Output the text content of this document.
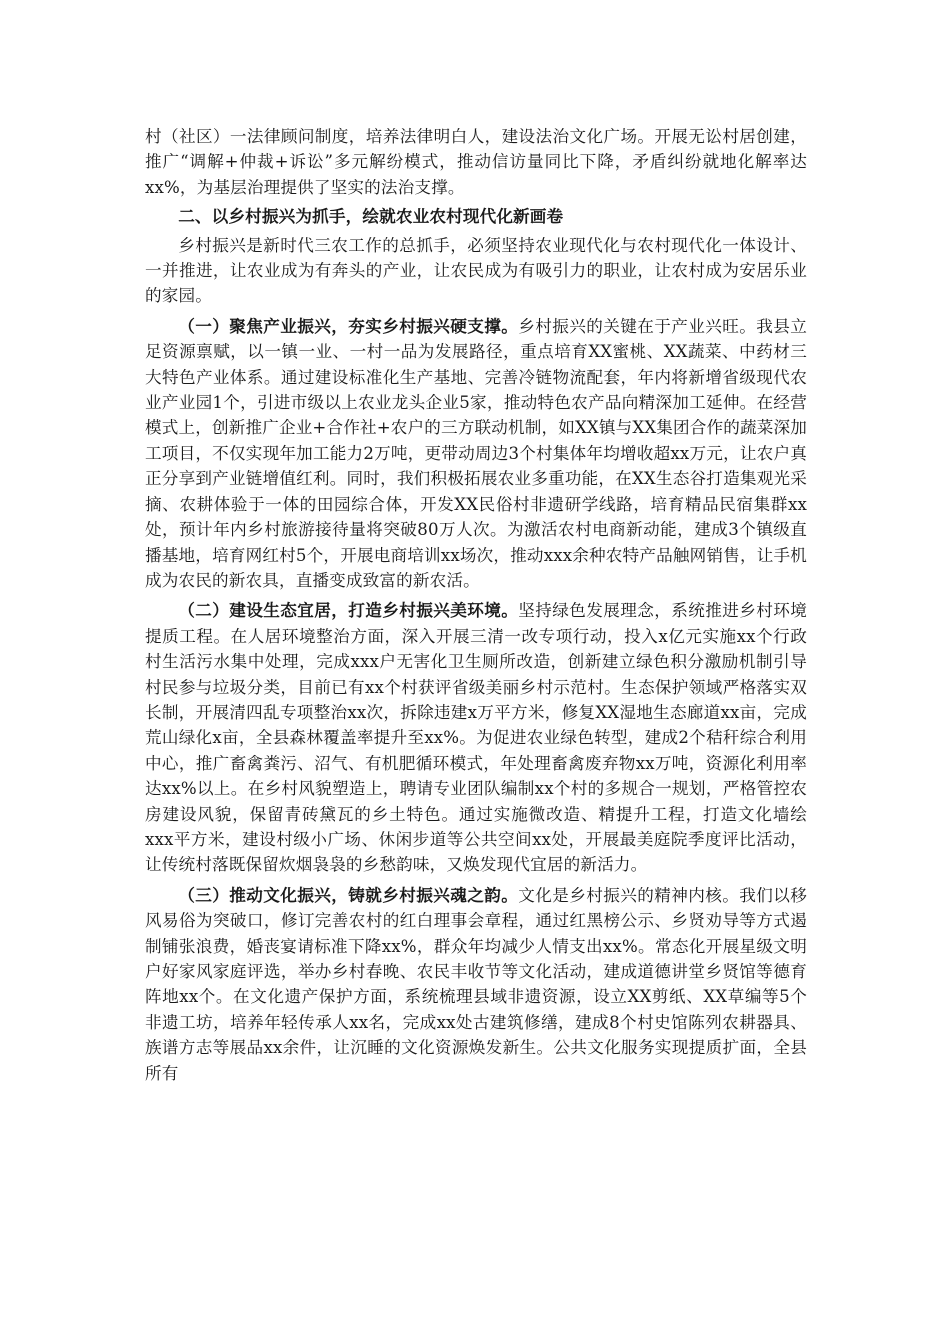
村（社区）一法律顾问制度，培养法律明白人，建设法治文化广场。开展无讼村居创建，推广“调解+仲裁+诉讼”多元解纷模式，推动信访量同比下降，矛盾纠纷就地化解率达xx%，为基层治理提供了坚实的法治支撑。

二、以乡村振兴为抓手，绘就农业农村现代化新画卷

乡村振兴是新时代三农工作的总抓手，必须坚持农业现代化与农村现代化一体设计、一并推进，让农业成为有奔头的产业，让农民成为有吸引力的职业，让农村成为安居乐业的家园。

（一）聚焦产业振兴，夯实乡村振兴硬支撑。乡村振兴的关键在于产业兴旺。我县立足资源禀赋，以一镇一业、一村一品为发展路径，重点培育XX蜜桃、XX蔬菜、中药材三大特色产业体系。通过建设标准化生产基地、完善冷链物流配套，年内将新增省级现代农业产业园1个，引进市级以上农业龙头企业5家，推动特色农产品向精深加工延伸。在经营模式上，创新推广企业+合作社+农户的三方联动机制，如XX镇与XX集团合作的蔬菜深加工项目，不仅实现年加工能力2万吨，更带动周边3个村集体年均增收超xx万元，让农户真正分享到产业链增值红利。同时，我们积极拓展农业多重功能，在XX生态谷打造集观光采摘、农耕体验于一体的田园综合体，开发XX民俗村非遗研学线路，培育精品民宿集群xx处，预计年内乡村旅游接待量将突破80万人次。为激活农村电商新动能，建成3个镇级直播基地，培育网红村5个，开展电商培训xx场次，推动xxx余种农特产品触网销售，让手机成为农民的新农具，直播变成致富的新农活。

（二）建设生态宜居，打造乡村振兴美环境。坚持绿色发展理念，系统推进乡村环境提质工程。在人居环境整治方面，深入开展三清一改专项行动，投入x亿元实施xx个行政村生活污水集中处理，完成xxx户无害化卫生厕所改造，创新建立绿色积分激励机制引导村民参与垃圾分类，目前已有xx个村获评省级美丽乡村示范村。生态保护领域严格落实双长制，开展清四乱专项整治xx次，拆除违建x万平方米，修复XX湿地生态廊道xx亩，完成荒山绿化x亩，全县森林覆盖率提升至xx%。为促进农业绿色转型，建成2个秸秆综合利用中心，推广畜禽粪污、沼气、有机肥循环模式，年处理畜禽废弃物xx万吨，资源化利用率达xx%以上。在乡村风貌塑造上，聘请专业团队编制xx个村的多规合一规划，严格管控农房建设风貌，保留青砖黛瓦的乡土特色。通过实施微改造、精提升工程，打造文化墙绘xxx平方米，建设村级小广场、休闲步道等公共空间xx处，开展最美庭院季度评比活动，让传统村落既保留炊烟袅袅的乡愁韵味，又焕发现代宜居的新活力。

（三）推动文化振兴，铸就乡村振兴魂之韵。文化是乡村振兴的精神内核。我们以移风易俗为突破口，修订完善农村的红白理事会章程，通过红黑榜公示、乡贤劝导等方式遏制铺张浪费，婚丧宴请标准下降xx%，群众年均减少人情支出xx%。常态化开展星级文明户好家风家庭评选，举办乡村春晚、农民丰收节等文化活动，建成道德讲堂乡贤馆等德育阵地xx个。在文化遗产保护方面，系统梳理县域非遗资源，设立XX剪纸、XX草编等5个非遗工坊，培养年轻传承人xx名，完成xx处古建筑修缮，建成8个村史馆陈列农耕器具、族谱方志等展品xx余件，让沉睡的文化资源焕发新生。公共文化服务实现提质扩面，全县所有
